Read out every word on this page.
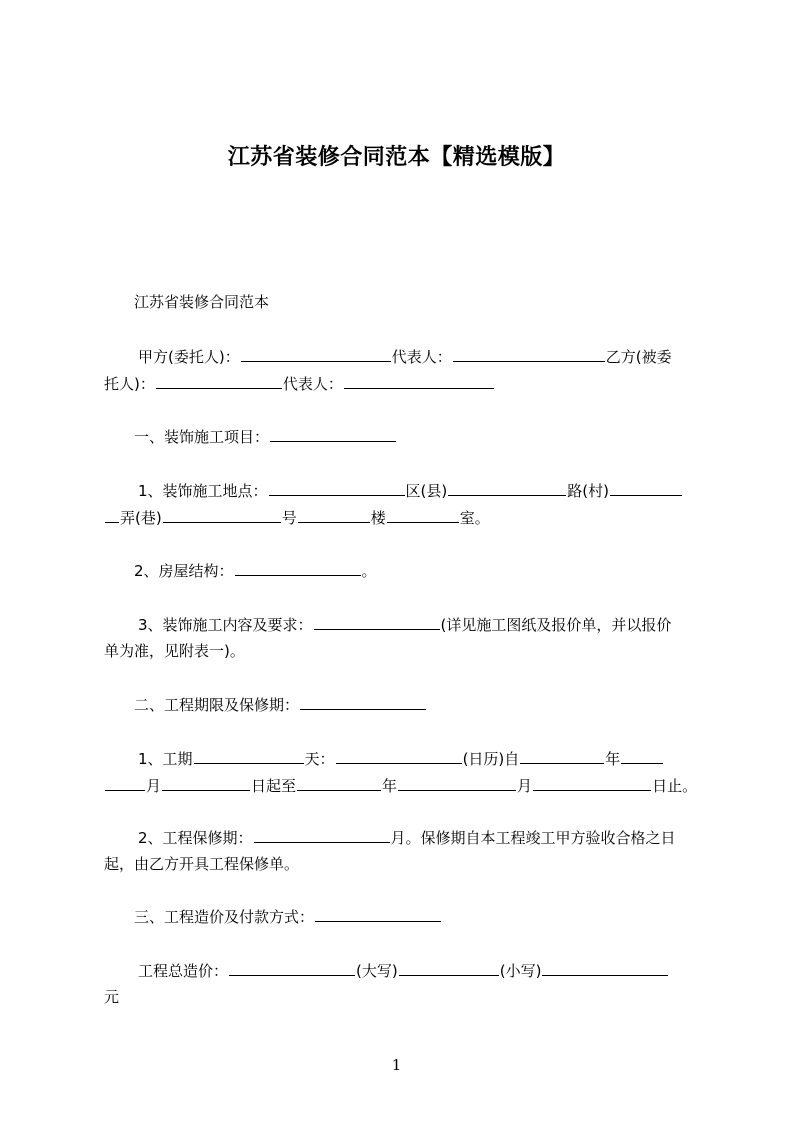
江苏省装修合同范本【精选模版】
江苏省装修合同范本
甲方(委托人)：	代表人：	乙方(被委
托人)：	代表人：
一、装饰施工项目：
1、装饰施工地点：	区(县)	路(村)
弄(巷)	号	楼	室。
2、房屋结构：	。
3、装饰施工内容及要求：	(详见施工图纸及报价单，并以报价
单为准，见附表一)。
二、工程期限及保修期：
1、工期	天：	(日历)自	年
月	日起至	年	月	日止。
2、工程保修期：	月。保修期自本工程竣工甲方验收合格之日
起，由乙方开具工程保修单。
三、工程造价及付款方式：
工程总造价：	(大写)	(小写)
元
1
